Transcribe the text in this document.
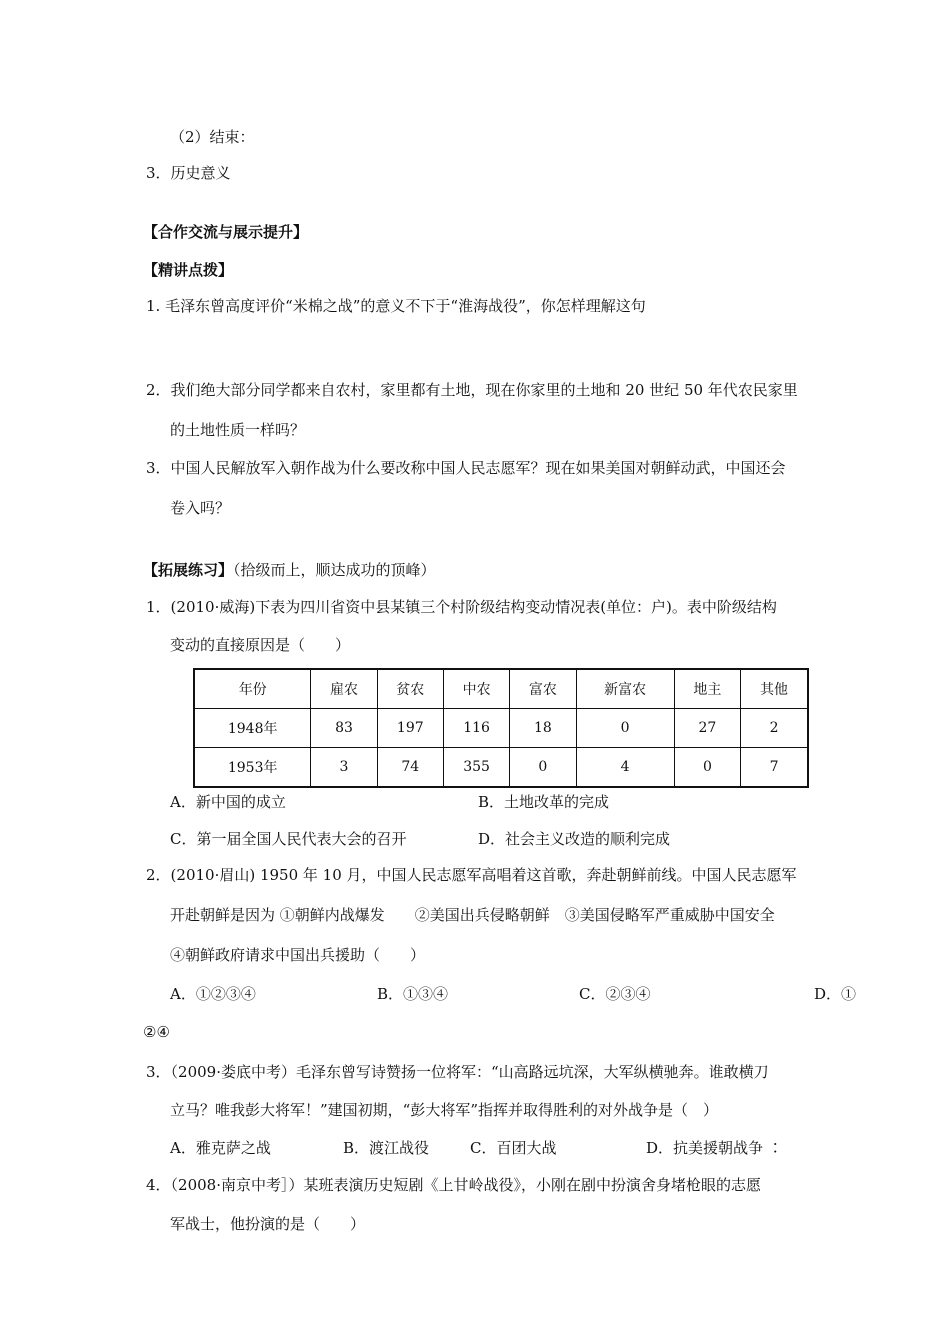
（2）结束：
3．历史意义
【合作交流与展示提升】
【精讲点拨】
1. 毛泽东曾高度评价“米棉之战”的意义不下于“淮海战役”，你怎样理解这句
2．我们绝大部分同学都来自农村，家里都有土地，现在你家里的土地和 20 世纪 50 年代农民家里
的土地性质一样吗？
3．中国人民解放军入朝作战为什么要改称中国人民志愿军？现在如果美国对朝鲜动武，中国还会
卷入吗？
【拓展练习】（拾级而上，顺达成功的顶峰）
1．(2010·威海)下表为四川省资中县某镇三个村阶级结构变动情况表(单位：户)。表中阶级结构
变动的直接原因是（　　）
年份	雇农	贫农	中农	富农	新富农	地主	其他
1948年	83	197	116	18	0	27	2
1953年	3	74	355	0	4	0	7
A．新中国的成立	B．土地改革的完成
C．第一届全国人民代表大会的召开	D．社会主义改造的顺利完成
2．(2010·眉山) 1950 年 10 月，中国人民志愿军高唱着这首歌，奔赴朝鲜前线。中国人民志愿军
开赴朝鲜是因为 ①朝鲜内战爆发　　②美国出兵侵略朝鲜　③美国侵略军严重威胁中国安全
④朝鲜政府请求中国出兵援助（　　）
A．①②③④	B．①③④	C．②③④	D．①
②④
3．（2009·娄底中考）毛泽东曾写诗赞扬一位将军：“山高路远坑深，大军纵横驰奔。谁敢横刀
立马？唯我彭大将军！”建国初期，“彭大将军”指挥并取得胜利的对外战争是（　）
A．雅克萨之战	B．渡江战役	C．百团大战	D．抗美援朝战争 ∶
4．（2008·南京中考］）某班表演历史短剧《上甘岭战役》，小刚在剧中扮演舍身堵枪眼的志愿
军战士，他扮演的是（　　）
